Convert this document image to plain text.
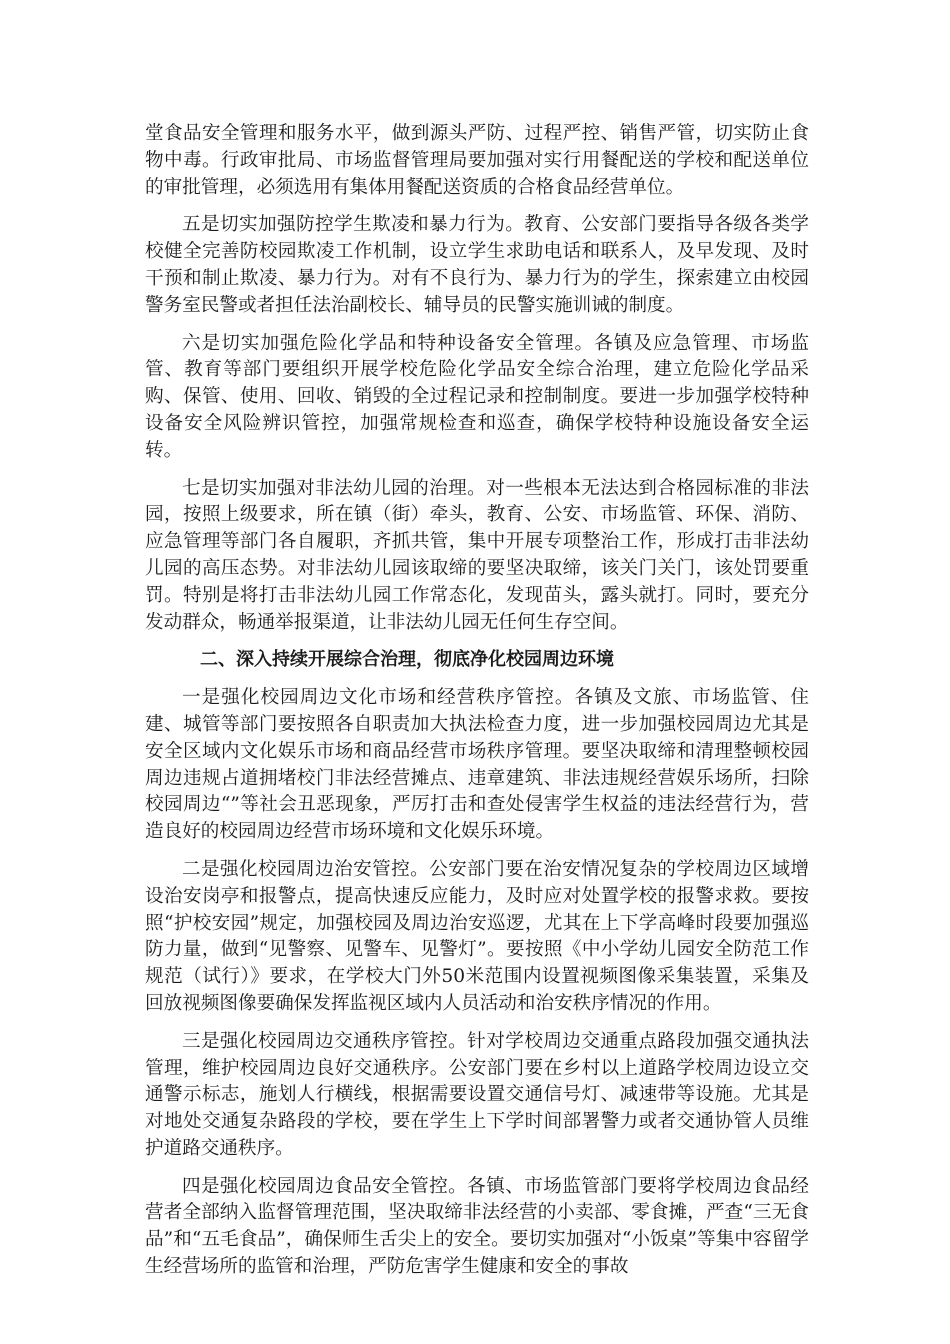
堂食品安全管理和服务水平，做到源头严防、过程严控、销售严管，切实防止食物中毒。行政审批局、市场监督管理局要加强对实行用餐配送的学校和配送单位的审批管理，必须选用有集体用餐配送资质的合格食品经营单位。

五是切实加强防控学生欺凌和暴力行为。教育、公安部门要指导各级各类学校健全完善防校园欺凌工作机制，设立学生求助电话和联系人，及早发现、及时干预和制止欺凌、暴力行为。对有不良行为、暴力行为的学生，探索建立由校园警务室民警或者担任法治副校长、辅导员的民警实施训诫的制度。

六是切实加强危险化学品和特种设备安全管理。各镇及应急管理、市场监管、教育等部门要组织开展学校危险化学品安全综合治理，建立危险化学品采购、保管、使用、回收、销毁的全过程记录和控制制度。要进一步加强学校特种设备安全风险辨识管控，加强常规检查和巡查，确保学校特种设施设备安全运转。

七是切实加强对非法幼儿园的治理。对一些根本无法达到合格园标准的非法园，按照上级要求，所在镇（街）牵头，教育、公安、市场监管、环保、消防、应急管理等部门各自履职，齐抓共管，集中开展专项整治工作，形成打击非法幼儿园的高压态势。对非法幼儿园该取缔的要坚决取缔，该关门关门，该处罚要重罚。特别是将打击非法幼儿园工作常态化，发现苗头，露头就打。同时，要充分发动群众，畅通举报渠道，让非法幼儿园无任何生存空间。

二、深入持续开展综合治理，彻底净化校园周边环境

一是强化校园周边文化市场和经营秩序管控。各镇及文旅、市场监管、住建、城管等部门要按照各自职责加大执法检查力度，进一步加强校园周边尤其是安全区域内文化娱乐市场和商品经营市场秩序管理。要坚决取缔和清理整顿校园周边违规占道拥堵校门非法经营摊点、违章建筑、非法违规经营娱乐场所，扫除校园周边“”等社会丑恶现象，严厉打击和查处侵害学生权益的违法经营行为，营造良好的校园周边经营市场环境和文化娱乐环境。

二是强化校园周边治安管控。公安部门要在治安情况复杂的学校周边区域增设治安岗亭和报警点，提高快速反应能力，及时应对处置学校的报警求救。要按照“护校安园”规定，加强校园及周边治安巡逻，尤其在上下学高峰时段要加强巡防力量，做到“见警察、见警车、见警灯”。要按照《中小学幼儿园安全防范工作规范（试行）》要求，在学校大门外50米范围内设置视频图像采集装置，采集及回放视频图像要确保发挥监视区域内人员活动和治安秩序情况的作用。

三是强化校园周边交通秩序管控。针对学校周边交通重点路段加强交通执法管理，维护校园周边良好交通秩序。公安部门要在乡村以上道路学校周边设立交通警示标志，施划人行横线，根据需要设置交通信号灯、减速带等设施。尤其是对地处交通复杂路段的学校，要在学生上下学时间部署警力或者交通协管人员维护道路交通秩序。

四是强化校园周边食品安全管控。各镇、市场监管部门要将学校周边食品经营者全部纳入监督管理范围，坚决取缔非法经营的小卖部、零食摊，严查“三无食品”和“五毛食品”，确保师生舌尖上的安全。要切实加强对“小饭桌”等集中容留学生经营场所的监管和治理，严防危害学生健康和安全的事故
